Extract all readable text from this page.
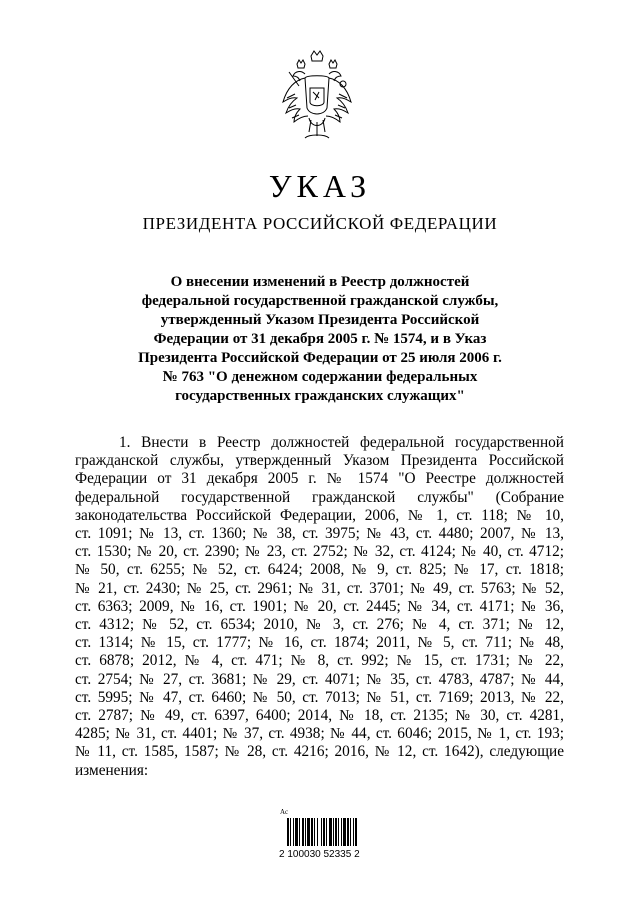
УКАЗ
ПРЕЗИДЕНТА РОССИЙСКОЙ ФЕДЕРАЦИИ
О внесении изменений в Реестр должностей
федеральной государственной гражданской службы,
утвержденный Указом Президента Российской
Федерации от 31 декабря 2005 г. № 1574, и в Указ
Президента Российской Федерации от 25 июля 2006 г.
№ 763 "О денежном содержании федеральных
государственных гражданских служащих"
1. Внести в Реестр должностей федеральной государственной
гражданской службы, утвержденный Указом Президента Российской
Федерации от 31 декабря 2005 г. № 1574 "О Реестре должностей
федеральной государственной гражданской службы" (Собрание
законодательства Российской Федерации, 2006, № 1, ст. 118; № 10,
ст. 1091; № 13, ст. 1360; № 38, ст. 3975; № 43, ст. 4480; 2007, № 13,
ст. 1530; № 20, ст. 2390; № 23, ст. 2752; № 32, ст. 4124; № 40, ст. 4712;
№ 50, ст. 6255; № 52, ст. 6424; 2008, № 9, ст. 825; № 17, ст. 1818;
№ 21, ст. 2430; № 25, ст. 2961; № 31, ст. 3701; № 49, ст. 5763; № 52,
ст. 6363; 2009, № 16, ст. 1901; № 20, ст. 2445; № 34, ст. 4171; № 36,
ст. 4312; № 52, ст. 6534; 2010, № 3, ст. 276; № 4, ст. 371; № 12,
ст. 1314; № 15, ст. 1777; № 16, ст. 1874; 2011, № 5, ст. 711; № 48,
ст. 6878; 2012, № 4, ст. 471; № 8, ст. 992; № 15, ст. 1731; № 22,
ст. 2754; № 27, ст. 3681; № 29, ст. 4071; № 35, ст. 4783, 4787; № 44,
ст. 5995; № 47, ст. 6460; № 50, ст. 7013; № 51, ст. 7169; 2013, № 22,
ст. 2787; № 49, ст. 6397, 6400; 2014, № 18, ст. 2135; № 30, ст. 4281,
4285; № 31, ст. 4401; № 37, ст. 4938; № 44, ст. 6046; 2015, № 1, ст. 193;
№ 11, ст. 1585, 1587; № 28, ст. 4216; 2016, № 12, ст. 1642), следующие
изменения:
Ac
2 100030 52335 2
